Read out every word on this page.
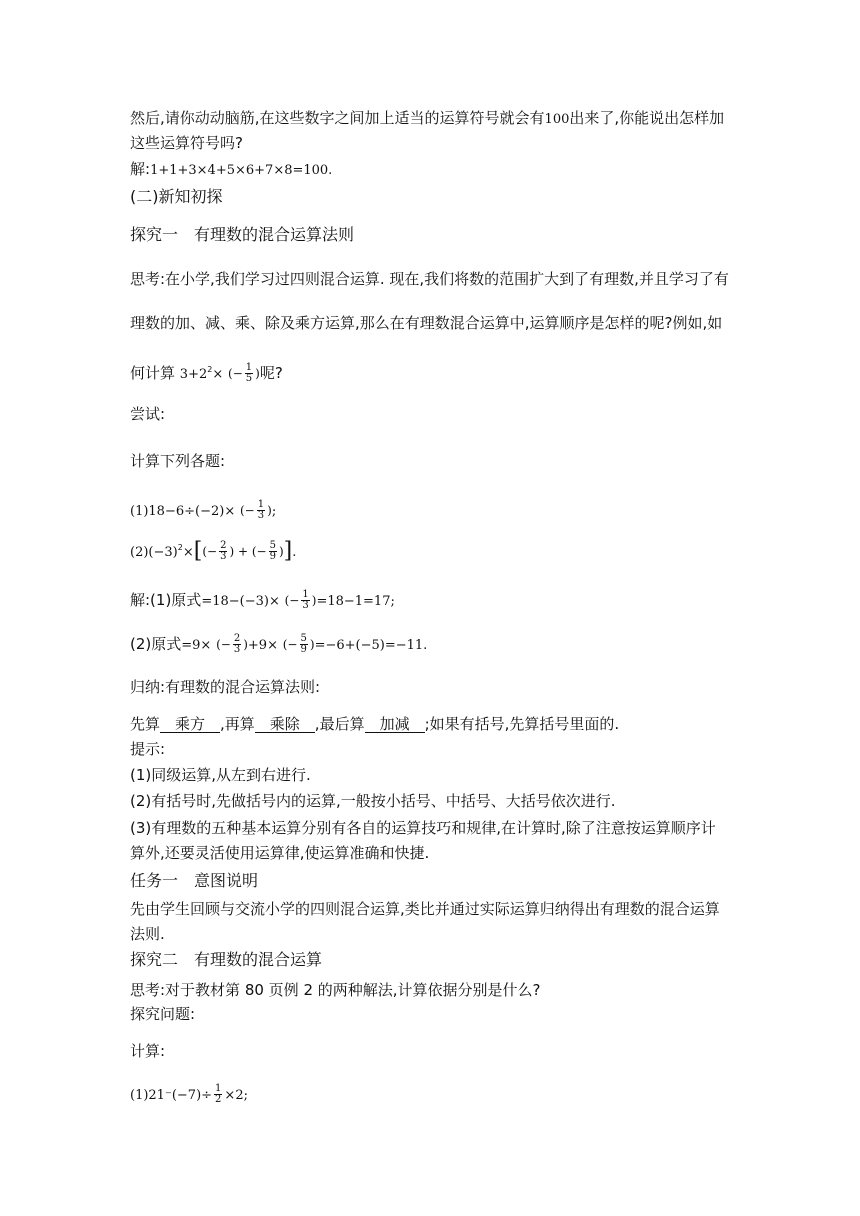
然后,请你动动脑筋,在这些数字之间加上适当的运算符号就会有100出来了,你能说出怎样加
这些运算符号吗?
解:1+1+3×4+5×6+7×8=100.
(二)新知初探
探究一　有理数的混合运算法则
思考:在小学,我们学习过四则混合运算. 现在,我们将数的范围扩大到了有理数,并且学习了有
理数的加、减、乘、除及乘方运算,那么在有理数混合运算中,运算顺序是怎样的呢?例如,如
何计算 $3+2^2\times$ (− $\frac{1}{5}$ )呢?
尝试:
计算下列各题:
(1)18−6÷(−2)× (− $\frac{1}{3}$ );
$(2)(-3)^2\times[(- \frac{2}{3}$ ) + (− $\frac{5}{9}$ )].
解:(1)原式=18−(−3)× (− $\frac{1}{3} )=18-1=17$;
(2)原式=9× (− $\frac{2}{3} )+9\times$ (− $\frac{5}{9} )=-6+(-5)=-11$.
归纳:有理数的混合运算法则:
先算 乘方 ,再算 乘除 ,最后算 加减 ;如果有括号,先算括号里面的.
提示:
(1)同级运算,从左到右进行.
(2)有括号时,先做括号内的运算,一般按小括号、中括号、大括号依次进行.
(3)有理数的五种基本运算分别有各自的运算技巧和规律,在计算时,除了注意按运算顺序计
算外,还要灵活使用运算律,使运算准确和快捷.
任务一　意图说明
先由学生回顾与交流小学的四则混合运算,类比并通过实际运算归纳得出有理数的混合运算
法则.
探究二　有理数的混合运算
思考:对于教材第 80 页例 2 的两种解法,计算依据分别是什么?
探究问题:
计算:
$(1)21^-(-7)\div \frac{1}{2} \times 2$;
